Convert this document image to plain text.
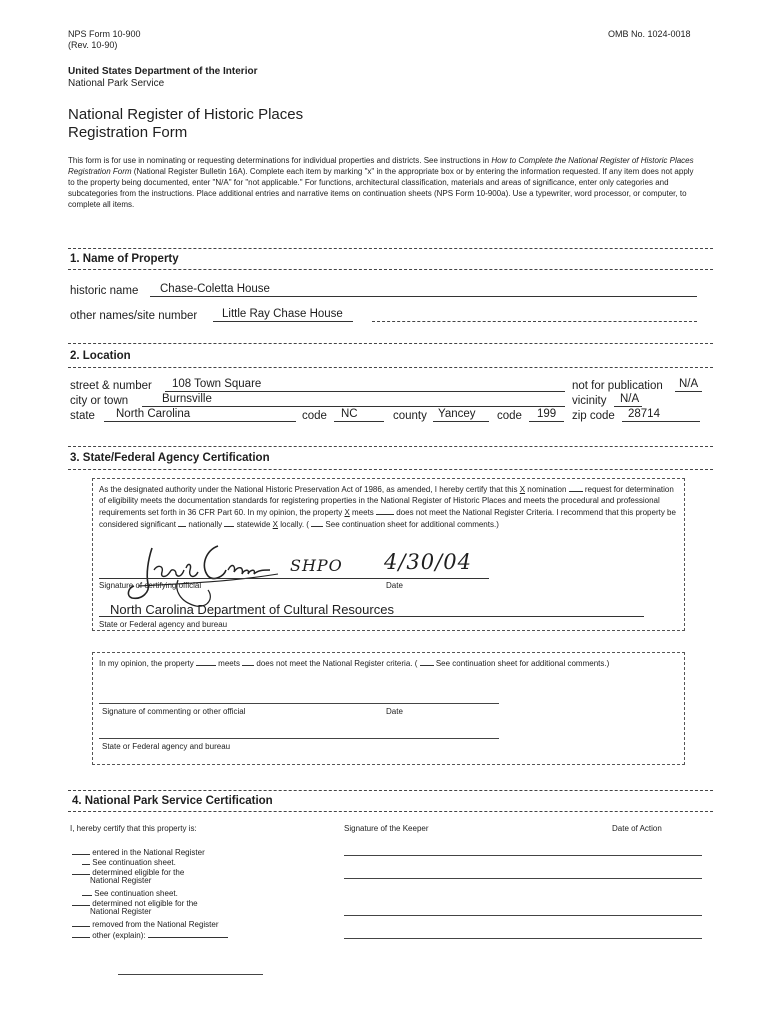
NPS Form 10-900
(Rev. 10-90)
OMB No. 1024-0018
United States Department of the Interior
National Park Service
National Register of Historic Places
Registration Form
This form is for use in nominating or requesting determinations for individual properties and districts. See instructions in How to Complete the National Register of Historic Places Registration Form (National Register Bulletin 16A). Complete each item by marking "x" in the appropriate box or by entering the information requested. If any item does not apply to the property being documented, enter "N/A" for "not applicable." For functions, architectural classification, materials and areas of significance, enter only categories and subcategories from the instructions. Place additional entries and narrative items on continuation sheets (NPS Form 10-900a). Use a typewriter, word processor, or computer, to complete all items.
1. Name of Property
historic name Chase-Coletta House
other names/site number Little Ray Chase House
2. Location
street & number 108 Town Square	not for publication N/A
city or town	Burnsville	vicinity N/A
state North Carolina	code NC	county Yancey code 199 zip code 28714
3. State/Federal Agency Certification
As the designated authority under the National Historic Preservation Act of 1986, as amended, I hereby certify that this X nomination  request for determination of eligibility meets the documentation standards for registering properties in the National Register of Historic Places and meets the procedural and professional requirements set forth in 36 CFR Part 60. In my opinion, the property X meets  does not meet the National Register Criteria. I recommend that this property be considered significant  nationally  statewide X locally. (  See continuation sheet for additional comments.)
SHPO 4/30/04
Signature of certifying official	Date
North Carolina Department of Cultural Resources
State or Federal agency and bureau
In my opinion, the property	meets  does not meet the National Register criteria. (  See continuation sheet for additional comments.)
Signature of commenting or other official	Date
State or Federal agency and bureau
4. National Park Service Certification
I, hereby certify that this property is:	Signature of the Keeper	Date of Action
entered in the National Register
See continuation sheet.
determined eligible for the
National Register
See continuation sheet.
determined not eligible for the
National Register
removed from the National Register
other (explain):
